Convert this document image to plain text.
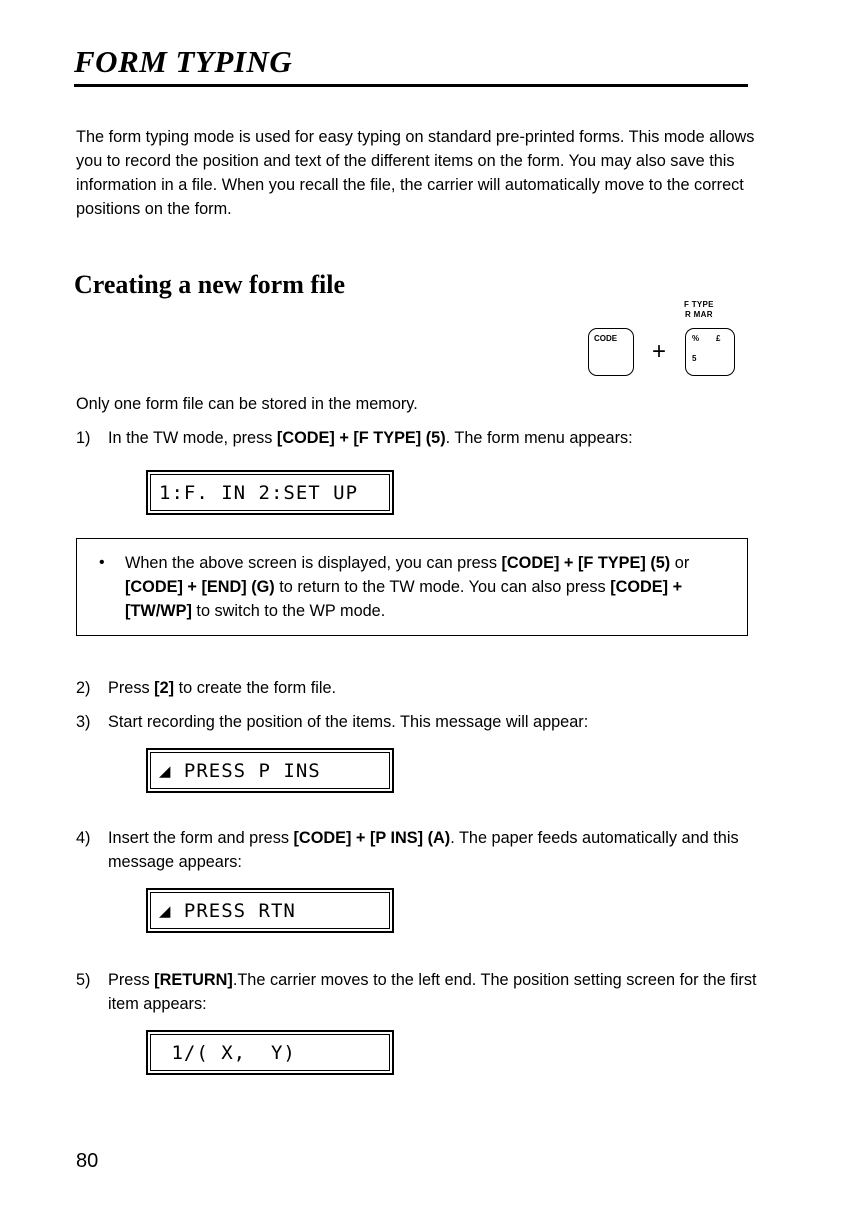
FORM TYPING

The form typing mode is used for easy typing on standard pre-printed forms. This mode allows you to record the position and text of the different items on the form. You may also save this information in a file. When you recall the file, the carrier will automatically move to the correct positions on the form.

Creating a new form file
F TYPE
R MAR
CODE +	% £
5

Only one form file can be stored in the memory.

1) In the TW mode, press [CODE] + [F TYPE] (5). The form menu appears:

1:F. IN 2:SET UP
• When the above screen is displayed, you can press [CODE] + [F TYPE] (5) or [CODE] + [END] (G) to return to the TW mode. You can also press [CODE] + [TW/WP] to switch to the WP mode.

2) Press [2] to create the form file.

3) Start recording the position of the items. This message will appear:

◢ PRESS P INS
4) Insert the form and press [CODE] + [P INS] (A). The paper feeds automatically and this message appears:

◢ PRESS RTN
5) Press [RETURN].The carrier moves to the left end. The position setting screen for the first item appears:

1/( X,  Y)

80
